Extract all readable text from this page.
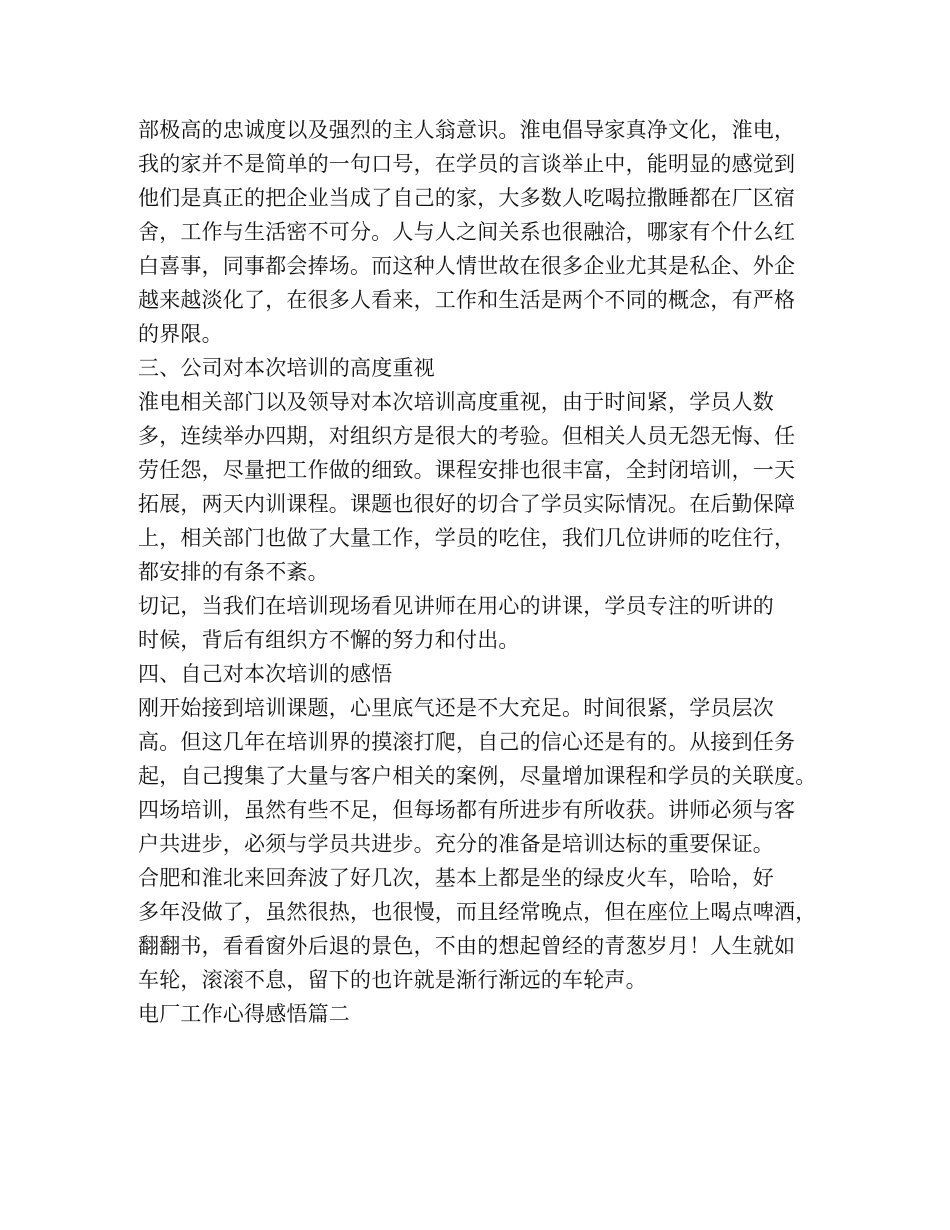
部极高的忠诚度以及强烈的主人翁意识。淮电倡导家真净文化，淮电，
我的家并不是简单的一句口号，在学员的言谈举止中，能明显的感觉到
他们是真正的把企业当成了自己的家，大多数人吃喝拉撒睡都在厂区宿
舍，工作与生活密不可分。人与人之间关系也很融洽，哪家有个什么红
白喜事，同事都会捧场。而这种人情世故在很多企业尤其是私企、外企
越来越淡化了，在很多人看来，工作和生活是两个不同的概念，有严格
的界限。
三、公司对本次培训的高度重视
淮电相关部门以及领导对本次培训高度重视，由于时间紧，学员人数
多，连续举办四期，对组织方是很大的考验。但相关人员无怨无悔、任
劳任怨，尽量把工作做的细致。课程安排也很丰富，全封闭培训，一天
拓展，两天内训课程。课题也很好的切合了学员实际情况。在后勤保障
上，相关部门也做了大量工作，学员的吃住，我们几位讲师的吃住行，
都安排的有条不紊。
切记，当我们在培训现场看见讲师在用心的讲课，学员专注的听讲的
时候，背后有组织方不懈的努力和付出。
四、自己对本次培训的感悟
刚开始接到培训课题，心里底气还是不大充足。时间很紧，学员层次
高。但这几年在培训界的摸滚打爬，自己的信心还是有的。从接到任务
起，自己搜集了大量与客户相关的案例，尽量增加课程和学员的关联度。
四场培训，虽然有些不足，但每场都有所进步有所收获。讲师必须与客
户共进步，必须与学员共进步。充分的准备是培训达标的重要保证。
合肥和淮北来回奔波了好几次，基本上都是坐的绿皮火车，哈哈，好
多年没做了，虽然很热，也很慢，而且经常晚点，但在座位上喝点啤酒，
翻翻书，看看窗外后退的景色，不由的想起曾经的青葱岁月！人生就如
车轮，滚滚不息，留下的也许就是渐行渐远的车轮声。
电厂工作心得感悟篇二
